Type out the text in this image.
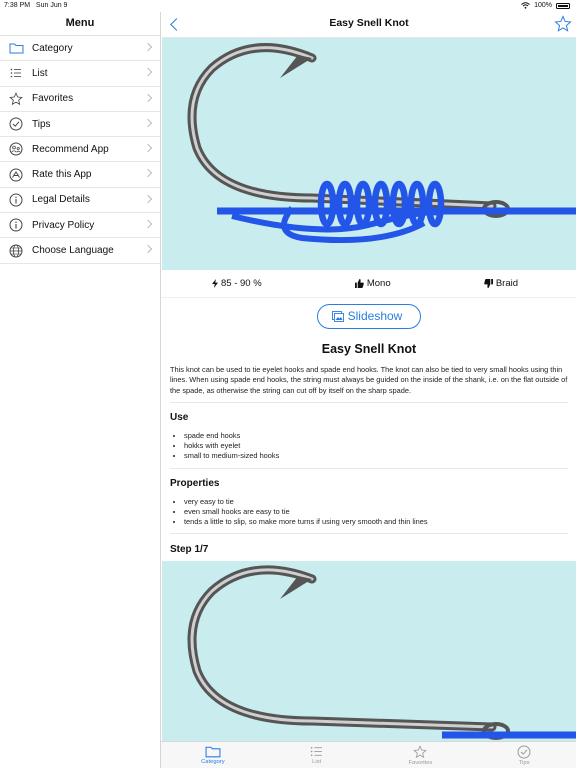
7:38 PM Sun Jun 9	100%
Menu
Category
List
Favorites
Tips
Recommend App
Rate this App
Legal Details
Privacy Policy
Choose Language
Easy Snell Knot
85 - 90 %	Mono	Braid
Slideshow
Easy Snell Knot

This knot can be used to tie eyelet hooks and spade end hooks. The knot can also be tied to very small hooks using thin lines. When using spade end hooks, the string must always be guided on the inside of the shank, i.e. on the flat outside of the spade, as otherwise the string can cut off by itself on the sharp spade.

Use
• spade end hooks
• hokks with eyelet
• small to medium-sized hooks
Properties
• very easy to tie
• even small hooks are easy to tie
• tends a little to slip, so make more turns if using very smooth and thin lines
Step 1/7
Category	List	Favorites	Tips
